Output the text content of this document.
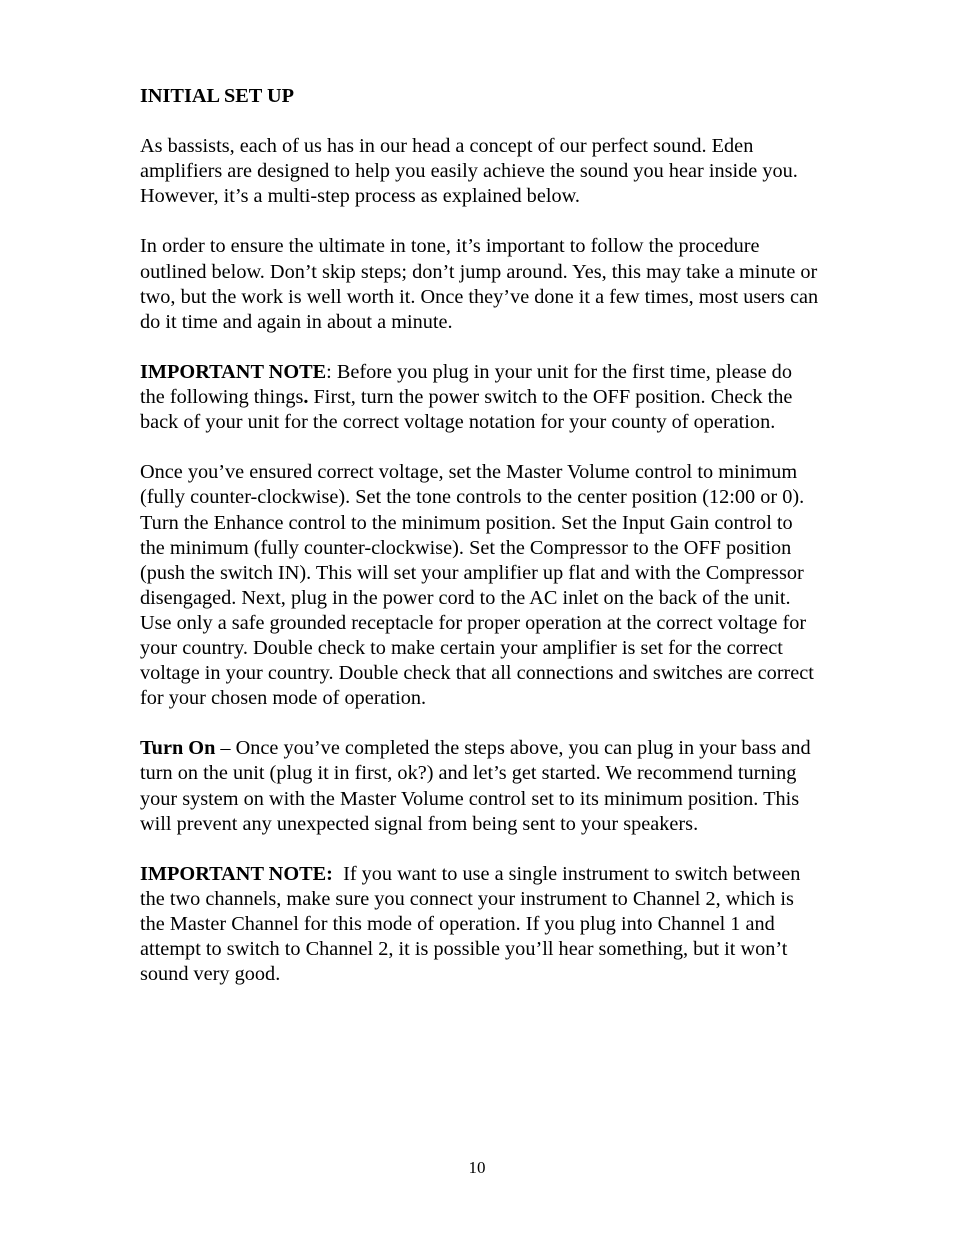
INITIAL SET UP

As bassists, each of us has in our head a concept of our perfect sound. Eden amplifiers are designed to help you easily achieve the sound you hear inside you. However, it’s a multi-step process as explained below.

In order to ensure the ultimate in tone, it’s important to follow the procedure outlined below. Don’t skip steps; don’t jump around. Yes, this may take a minute or two, but the work is well worth it. Once they’ve done it a few times, most users can do it time and again in about a minute.

IMPORTANT NOTE: Before you plug in your unit for the first time, please do the following things. First, turn the power switch to the OFF position. Check the back of your unit for the correct voltage notation for your county of operation.

Once you’ve ensured correct voltage, set the Master Volume control to minimum (fully counter-clockwise). Set the tone controls to the center position (12:00 or 0). Turn the Enhance control to the minimum position. Set the Input Gain control to the minimum (fully counter-clockwise). Set the Compressor to the OFF position (push the switch IN). This will set your amplifier up flat and with the Compressor disengaged. Next, plug in the power cord to the AC inlet on the back of the unit. Use only a safe grounded receptacle for proper operation at the correct voltage for your country. Double check to make certain your amplifier is set for the correct voltage in your country. Double check that all connections and switches are correct for your chosen mode of operation.

Turn On – Once you’ve completed the steps above, you can plug in your bass and turn on the unit (plug it in first, ok?) and let’s get started. We recommend turning your system on with the Master Volume control set to its minimum position. This will prevent any unexpected signal from being sent to your speakers.

IMPORTANT NOTE:  If you want to use a single instrument to switch between the two channels, make sure you connect your instrument to Channel 2, which is the Master Channel for this mode of operation. If you plug into Channel 1 and attempt to switch to Channel 2, it is possible you’ll hear something, but it won’t sound very good.

10
